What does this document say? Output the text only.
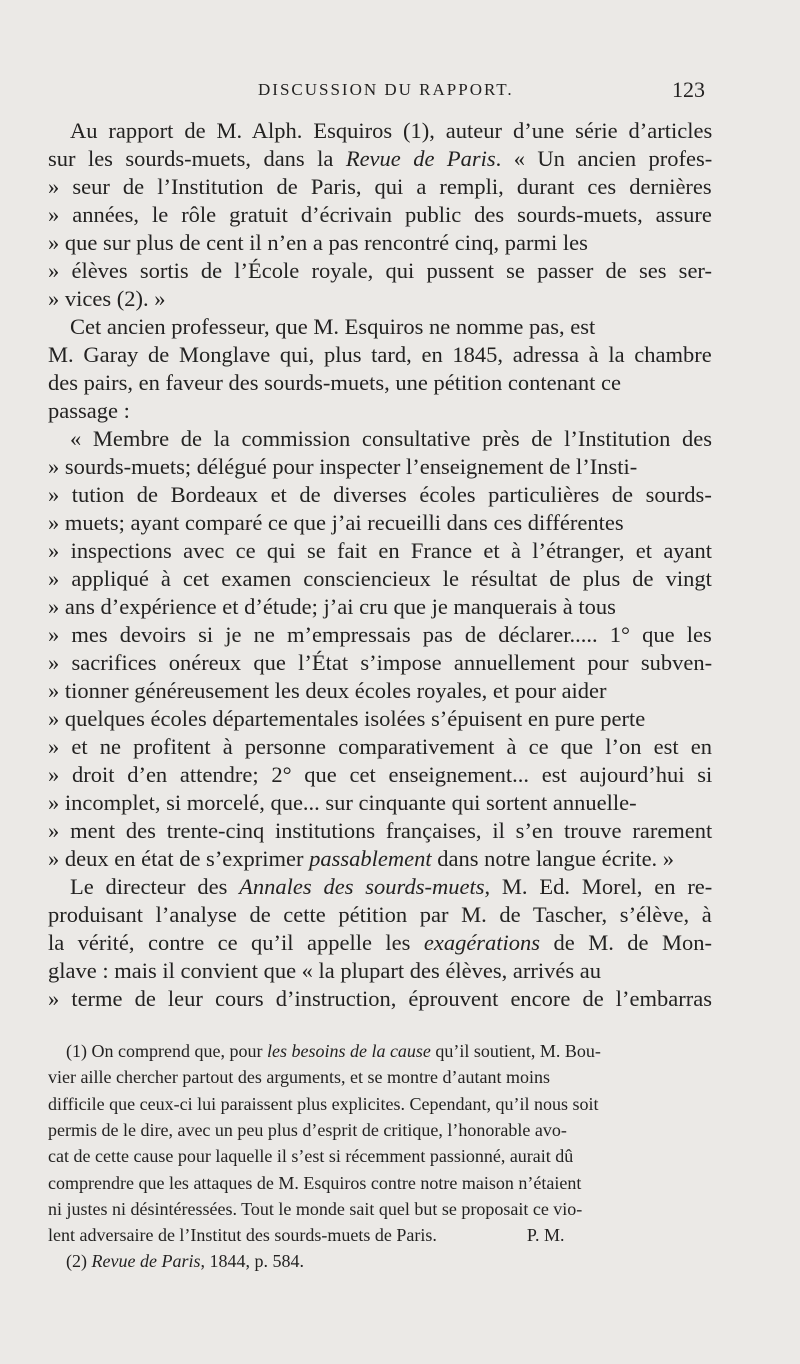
DISCUSSION DU RAPPORT.	123
Au rapport de M. Alph. Esquiros (1), auteur d’une série d’articles
sur les sourds-muets, dans la Revue de Paris. « Un ancien profes-
» seur de l’Institution de Paris, qui a rempli, durant ces dernières
» années, le rôle gratuit d’écrivain public des sourds-muets, assure
» que sur plus de cent il n’en a pas rencontré cinq, parmi les
» élèves sortis de l’École royale, qui pussent se passer de ses ser-
» vices (2). »
Cet ancien professeur, que M. Esquiros ne nomme pas, est
M. Garay de Monglave qui, plus tard, en 1845, adressa à la chambre
des pairs, en faveur des sourds-muets, une pétition contenant ce
passage :
« Membre de la commission consultative près de l’Institution des
» sourds-muets; délégué pour inspecter l’enseignement de l’Insti-
» tution de Bordeaux et de diverses écoles particulières de sourds-
» muets; ayant comparé ce que j’ai recueilli dans ces différentes
» inspections avec ce qui se fait en France et à l’étranger, et ayant
» appliqué à cet examen consciencieux le résultat de plus de vingt
» ans d’expérience et d’étude; j’ai cru que je manquerais à tous
» mes devoirs si je ne m’empressais pas de déclarer..... 1° que les
» sacrifices onéreux que l’État s’impose annuellement pour subven-
» tionner généreusement les deux écoles royales, et pour aider
» quelques écoles départementales isolées s’épuisent en pure perte
» et ne profitent à personne comparativement à ce que l’on est en
» droit d’en attendre; 2° que cet enseignement... est aujourd’hui si
» incomplet, si morcelé, que... sur cinquante qui sortent annuelle-
» ment des trente-cinq institutions françaises, il s’en trouve rarement
» deux en état de s’exprimer passablement dans notre langue écrite. »
Le directeur des Annales des sourds-muets, M. Ed. Morel, en re-
produisant l’analyse de cette pétition par M. de Tascher, s’élève, à
la vérité, contre ce qu’il appelle les exagérations de M. de Mon-
glave : mais il convient que « la plupart des élèves, arrivés au
» terme de leur cours d’instruction, éprouvent encore de l’embarras
(1) On comprend que, pour les besoins de la cause qu’il soutient, M. Bou-
vier aille chercher partout des arguments, et se montre d’autant moins
difficile que ceux-ci lui paraissent plus explicites. Cependant, qu’il nous soit
permis de le dire, avec un peu plus d’esprit de critique, l’honorable avo-
cat de cette cause pour laquelle il s’est si récemment passionné, aurait dû
comprendre que les attaques de M. Esquiros contre notre maison n’étaient
ni justes ni désintéressées. Tout le monde sait quel but se proposait ce vio-
lent adversaire de l’Institut des sourds-muets de Paris.	P. M.
(2) Revue de Paris, 1844, p. 584.
